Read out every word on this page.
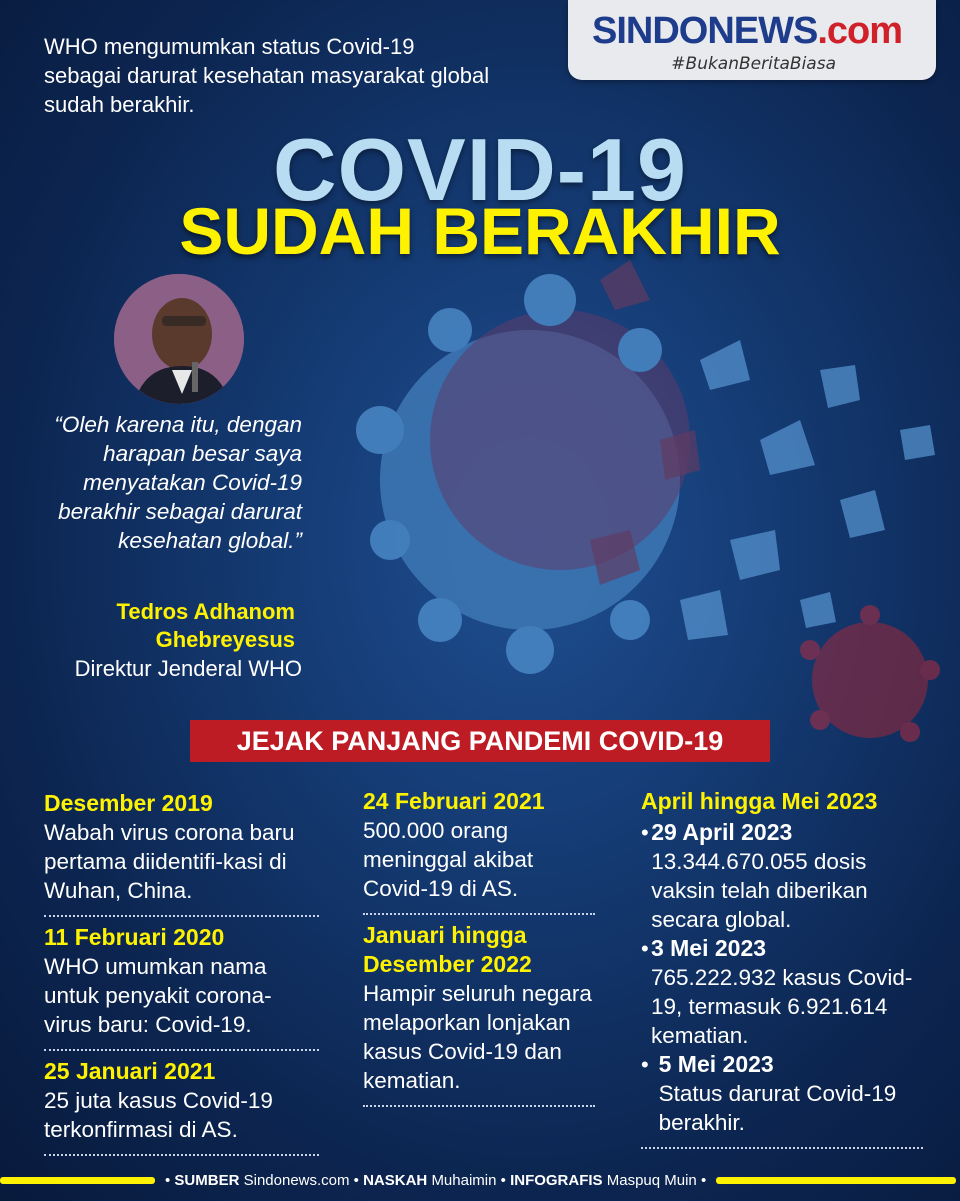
SINDONEWS.com
#BukanBeritaBiasa
WHO mengumumkan status Covid-19 sebagai darurat kesehatan masyarakat global sudah berakhir.
COVID-19
SUDAH BERAKHIR
“Oleh karena itu, dengan harapan besar saya menyatakan Covid-19 berakhir sebagai darurat kesehatan global.”
Tedros Adhanom Ghebreyesus
Direktur Jenderal WHO
JEJAK PANJANG PANDEMI COVID-19
Desember 2019
Wabah virus corona baru pertama diidentifi-kasi di Wuhan, China.
11 Februari 2020
WHO umumkan nama untuk penyakit corona-virus baru: Covid-19.
25 Januari 2021
25 juta kasus Covid-19 terkonfirmasi di AS.
24 Februari 2021
500.000 orang meninggal akibat Covid-19 di AS.
Januari hingga Desember 2022
Hampir seluruh negara melaporkan lonjakan kasus Covid-19 dan kematian.
April hingga Mei 2023
• 29 April 2023
13.344.670.055 dosis vaksin telah diberikan secara global.
• 3 Mei 2023
765.222.932 kasus Covid-19, termasuk 6.921.614 kematian.
• 5 Mei 2023
Status darurat Covid-19 berakhir.
• SUMBER Sindonews.com • NASKAH Muhaimin • INFOGRAFIS Maspuq Muin •
